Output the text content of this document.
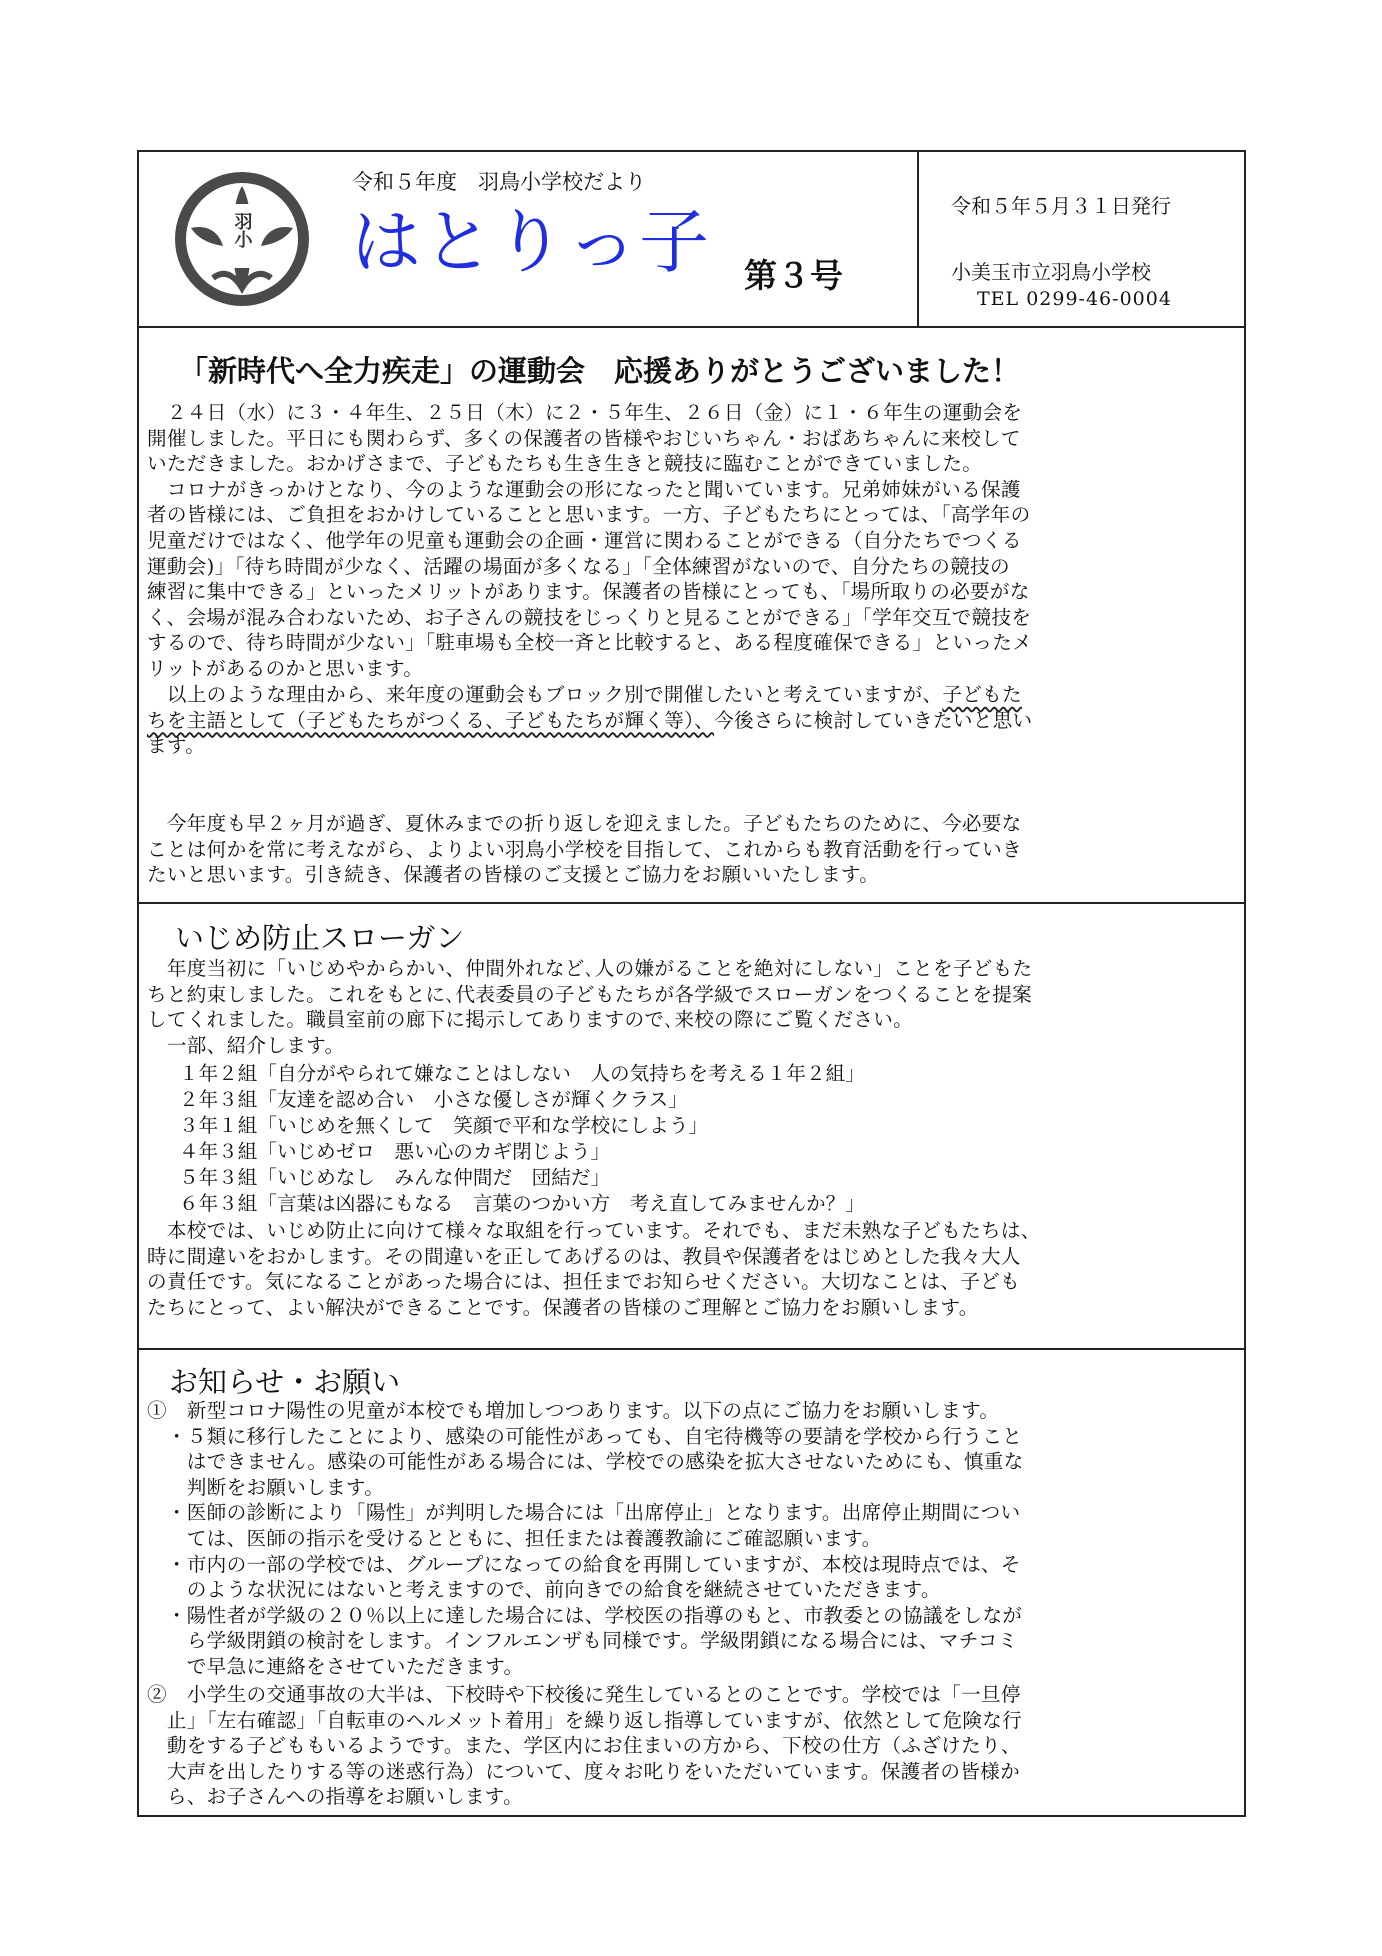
羽小
令和５年度　羽鳥小学校だより
はとりっ子 第３号
令和５年５月３１日発行
小美玉市立羽鳥小学校
TEL 0299-46-0004
「新時代へ全力疾走」の運動会　応援ありがとうございました！

　２４日（水）に３・４年生、２５日（木）に２・５年生、２６日（金）に１・６年生の運動会を
開催しました。平日にも関わらず、多くの保護者の皆様やおじいちゃん・おばあちゃんに来校して
いただきました。おかげさまで、子どもたちも生き生きと競技に臨むことができていました。
　コロナがきっかけとなり、今のような運動会の形になったと聞いています。兄弟姉妹がいる保護
者の皆様には、ご負担をおかけしていることと思います。一方、子どもたちにとっては、「高学年の
児童だけではなく、他学年の児童も運動会の企画・運営に関わることができる（自分たちでつくる
運動会)」「待ち時間が少なく、活躍の場面が多くなる」「全体練習がないので、自分たちの競技の
練習に集中できる」といったメリットがあります。保護者の皆様にとっても、「場所取りの必要がな
く、会場が混み合わないため、お子さんの競技をじっくりと見ることができる」「学年交互で競技を
するので、待ち時間が少ない」「駐車場も全校一斉と比較すると、ある程度確保できる」といったメ
リットがあるのかと思います。

　以上のような理由から、来年度の運動会もブロック別で開催したいと考えていますが、子どもた
ちを主語として（子どもたちがつくる、子どもたちが輝く等）、今後さらに検討していきたいと思い
ます。

　今年度も早２ヶ月が過ぎ、夏休みまでの折り返しを迎えました。子どもたちのために、今必要な
ことは何かを常に考えながら、よりよい羽鳥小学校を目指して、これからも教育活動を行っていき
たいと思います。引き続き、保護者の皆様のご支援とご協力をお願いいたします。

いじめ防止スローガン

　年度当初に「いじめやからかい、仲間外れなど､人の嫌がることを絶対にしない」ことを子どもた
ちと約束しました。これをもとに､代表委員の子どもたちが各学級でスローガンをつくることを提案
してくれました。職員室前の廊下に掲示してありますので､来校の際にご覧ください。
　一部、紹介します。

１年２組「自分がやられて嫌なことはしない　人の気持ちを考える１年２組」
２年３組「友達を認め合い　小さな優しさが輝くクラス」
３年１組「いじめを無くして　笑顔で平和な学校にしよう」
４年３組「いじめゼロ　悪い心のカギ閉じよう」
５年３組「いじめなし　みんな仲間だ　団結だ」
６年３組「言葉は凶器にもなる　言葉のつかい方　考え直してみませんか？」

　本校では、いじめ防止に向けて様々な取組を行っています。それでも、まだ未熟な子どもたちは、
時に間違いをおかします。その間違いを正してあげるのは、教員や保護者をはじめとした我々大人
の責任です。気になることがあった場合には、担任までお知らせください。大切なことは、子ども
たちにとって、よい解決ができることです。保護者の皆様のご理解とご協力をお願いします。

お知らせ・お願い

①　新型コロナ陽性の児童が本校でも増加しつつあります。以下の点にご協力をお願いします。
　・５類に移行したことにより、感染の可能性があっても、自宅待機等の要請を学校から行うこと
　　はできません。感染の可能性がある場合には、学校での感染を拡大させないためにも、慎重な
　　判断をお願いします。
　・医師の診断により「陽性」が判明した場合には「出席停止」となります。出席停止期間につい
　　ては、医師の指示を受けるとともに、担任または養護教諭にご確認願います。
　・市内の一部の学校では、グループになっての給食を再開していますが、本校は現時点では、そ
　　のような状況にはないと考えますので、前向きでの給食を継続させていただきます。
　・陽性者が学級の２０％以上に達した場合には、学校医の指導のもと、市教委との協議をしなが
　　ら学級閉鎖の検討をします。インフルエンザも同様です。学級閉鎖になる場合には、マチコミ
　　で早急に連絡をさせていただきます。

②　小学生の交通事故の大半は、下校時や下校後に発生しているとのことです。学校では「一旦停
　止」「左右確認」「自転車のヘルメット着用」を繰り返し指導していますが、依然として危険な行
　動をする子どももいるようです。また、学区内にお住まいの方から、下校の仕方（ふざけたり、
　大声を出したりする等の迷惑行為）について、度々お叱りをいただいています。保護者の皆様か
　ら、お子さんへの指導をお願いします。
